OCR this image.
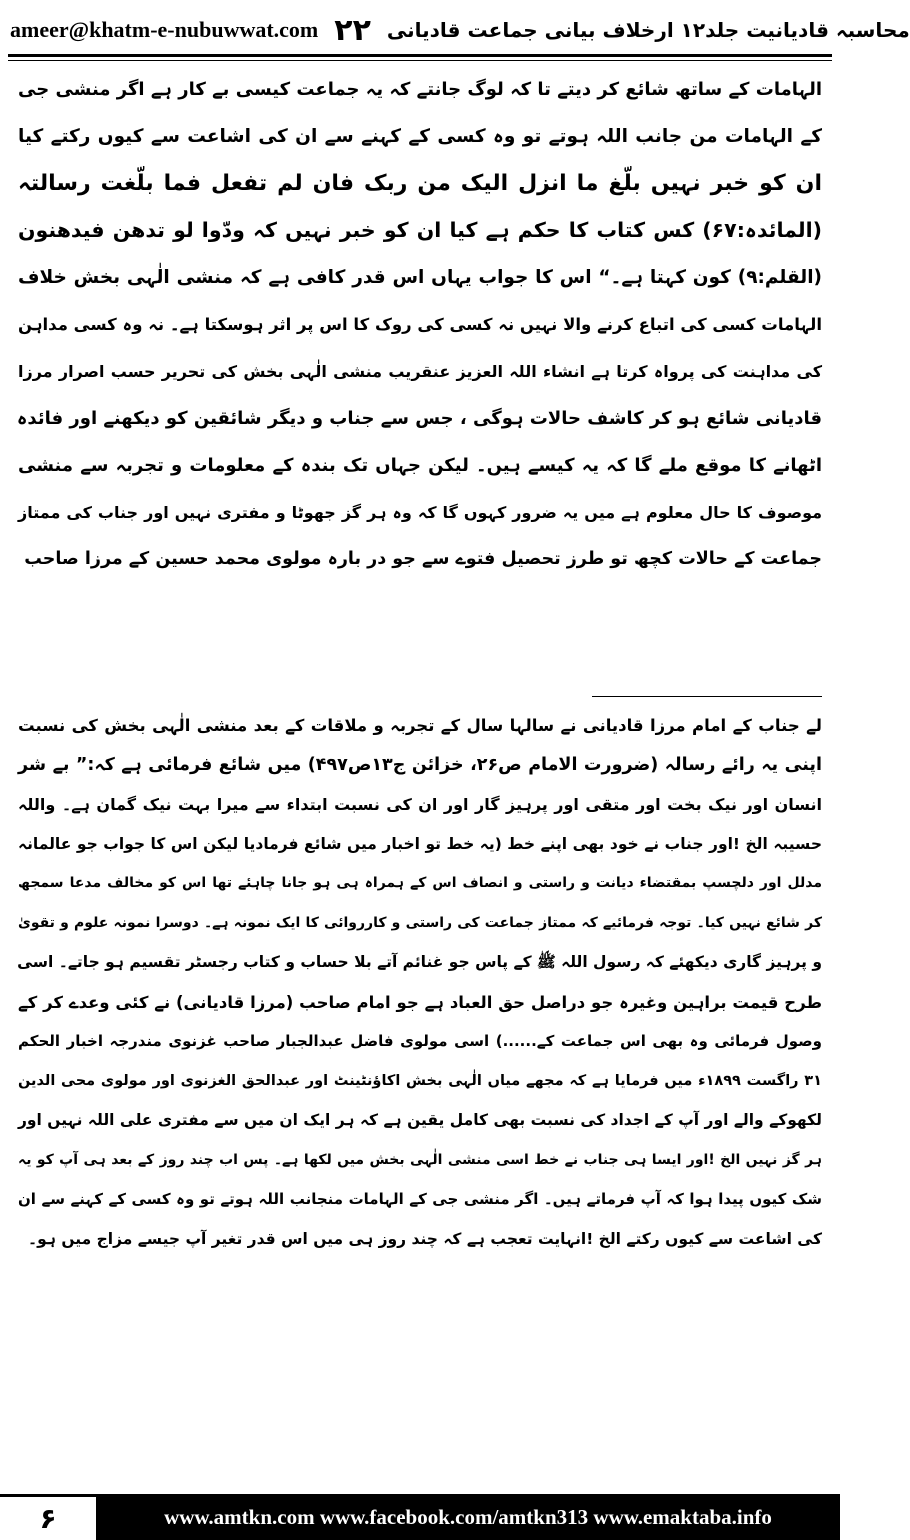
ameer@khatm-e-nubuwwat.com ۲۲ محاسبہ قادیانیت جلد۱۲ ارخلاف بیانی جماعت قادیانی
الہامات کے ساتھ شائع کر دیتے تا کہ لوگ جانتے کہ یہ جماعت کیسی بے کار ہے اگر منشی جی
کے الہامات من جانب اللہ ہوتے تو وہ کسی کے کہنے سے ان کی اشاعت سے کیوں رکتے کیا
ان کو خبر نہیں بلّغ ما انزل الیک من ربک فان لم تفعل فما بلّغت رسالتہ
(المائدہ:۶۷) کس کتاب کا حکم ہے کیا ان کو خبر نہیں کہ ودّوا لو تدھن فیدھنون
(القلم:۹) کون کہتا ہے۔“ اس کا جواب یہاں اس قدر کافی ہے کہ منشی الٰہی بخش خلاف
الہامات کسی کی اتباع کرنے والا نہیں نہ کسی کی روک کا اس پر اثر ہوسکتا ہے۔ نہ وہ کسی مداہن
کی مداہنت کی پرواہ کرتا ہے انشاء اللہ العزیز عنقریب منشی الٰہی بخش کی تحریر حسب اصرار مرزا
قادیانی شائع ہو کر کاشف حالات ہوگی ، جس سے جناب و دیگر شائقین کو دیکھنے اور فائدہ
اٹھانے کا موقع ملے گا کہ یہ کیسے ہیں۔ لیکن جہاں تک بندہ کے معلومات و تجربہ سے منشی
موصوف کا حال معلوم ہے میں یہ ضرور کہوں گا کہ وہ ہر گز جھوٹا و مفتری نہیں اور جناب کی ممتاز
جماعت کے حالات کچھ تو طرز تحصیل فتوے سے جو در بارہ مولوی محمد حسین کے مرزا صاحب
لے جناب کے امام مرزا قادیانی نے سالہا سال کے تجربہ و ملاقات کے بعد منشی الٰہی بخش کی نسبت
اپنی یہ رائے رسالہ (ضرورت الامام ص۲۶، خزائن ج۱۳ص۴۹۷) میں شائع فرمائی ہے کہ:” بے شر
انسان اور نیک بخت اور متقی اور پرہیز گار اور ان کی نسبت ابتداء سے میرا بہت نیک گمان ہے۔ واللہ
حسیبہ الخ !اور جناب نے خود بھی اپنے خط (یہ خط تو اخبار میں شائع فرمادیا لیکن اس کا جواب جو عالمانہ
مدلل اور دلچسپ بمقتضاء دیانت و راستی و انصاف اس کے ہمراہ ہی ہو جانا چاہئے تھا اس کو مخالف مدعا سمجھ
کر شائع نہیں کیا۔ توجہ فرمائیے کہ ممتاز جماعت کی راستی و کارروائی کا ایک نمونہ ہے۔ دوسرا نمونہ علوم و تقویٰ
و پرہیز گاری دیکھئے کہ رسول اللہ ﷺ کے پاس جو غنائم آتے بلا حساب و کتاب رجسٹر تقسیم ہو جاتے۔ اسی
طرح قیمت براہین وغیرہ جو دراصل حق العباد ہے جو امام صاحب (مرزا قادیانی) نے کئی وعدے کر کے
وصول فرمائی وہ بھی اس جماعت کے......) اسی مولوی فاضل عبدالجبار صاحب غزنوی مندرجہ اخبار الحکم
۳۱ راگست ۱۸۹۹ء میں فرمایا ہے کہ مجھے میاں الٰہی بخش اکاؤنٹینٹ اور عبدالحق الغزنوی اور مولوی محی الدین
لکھوکے والے اور آپ کے اجداد کی نسبت بھی کامل یقین ہے کہ ہر ایک ان میں سے مفتری علی اللہ نہیں اور
ہر گز نہیں الخ !اور ایسا ہی جناب نے خط اسی منشی الٰہی بخش میں لکھا ہے۔ پس اب چند روز کے بعد ہی آپ کو یہ
شک کیوں پیدا ہوا کہ آپ فرماتے ہیں۔ اگر منشی جی کے الہامات منجانب اللہ ہوتے تو وہ کسی کے کہنے سے ان
کی اشاعت سے کیوں رکتے الخ !انہایت تعجب ہے کہ چند روز ہی میں اس قدر تغیر آپ جیسے مزاج میں ہو۔
۶	www.amtkn.com www.facebook.com/amtkn313 www.emaktaba.info
